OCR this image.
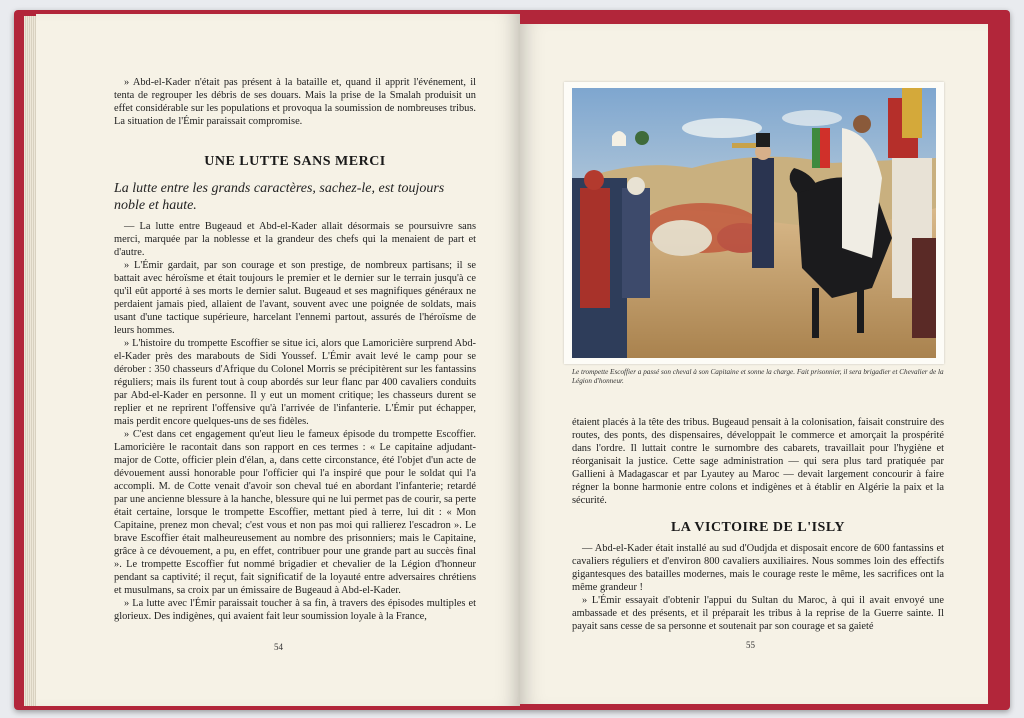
» Abd-el-Kader n'était pas présent à la bataille et, quand il apprit l'événement, il tenta de regrouper les débris de ses douars. Mais la prise de la Smalah produisit un effet considérable sur les populations et provoqua la soumission de nombreuses tribus. La situation de l'Émir paraissait compromise.

UNE LUTTE SANS MERCI

La lutte entre les grands caractères, sachez-le, est toujours noble et haute.

— La lutte entre Bugeaud et Abd-el-Kader allait désormais se poursuivre sans merci, marquée par la noblesse et la grandeur des chefs qui la menaient de part et d'autre.

» L'Émir gardait, par son courage et son prestige, de nombreux partisans; il se battait avec héroïsme et était toujours le premier et le dernier sur le terrain jusqu'à ce qu'il eût apporté à ses morts le dernier salut. Bugeaud et ses magnifiques généraux ne perdaient jamais pied, allaient de l'avant, souvent avec une poignée de soldats, mais usant d'une tactique supérieure, harcelant l'ennemi partout, assurés de l'héroïsme de leurs hommes.

» L'histoire du trompette Escoffier se situe ici, alors que Lamoricière surprend Abd-el-Kader près des marabouts de Sidi Youssef. L'Émir avait levé le camp pour se dérober : 350 chasseurs d'Afrique du Colonel Morris se précipitèrent sur les fantassins réguliers; mais ils furent tout à coup abordés sur leur flanc par 400 cavaliers conduits par Abd-el-Kader en personne. Il y eut un moment critique; les chasseurs durent se replier et ne reprirent l'offensive qu'à l'arrivée de l'infanterie. L'Émir put échapper, mais perdit encore quelques-uns de ses fidèles.

» C'est dans cet engagement qu'eut lieu le fameux épisode du trompette Escoffier. Lamoricière le racontait dans son rapport en ces termes : « Le capitaine adjudant-major de Cotte, officier plein d'élan, a, dans cette circonstance, été l'objet d'un acte de dévouement aussi honorable pour l'officier qui l'a inspiré que pour le soldat qui l'a accompli. M. de Cotte venait d'avoir son cheval tué en abordant l'infanterie; retardé par une ancienne blessure à la hanche, blessure qui ne lui permet pas de courir, sa perte était certaine, lorsque le trompette Escoffier, mettant pied à terre, lui dit : « Mon Capitaine, prenez mon cheval; c'est vous et non pas moi qui rallierez l'escadron ». Le brave Escoffier était malheureusement au nombre des prisonniers; mais le Capitaine, grâce à ce dévouement, a pu, en effet, contribuer pour une grande part au succès final ». Le trompette Escoffier fut nommé brigadier et chevalier de la Légion d'honneur pendant sa captivité; il reçut, fait significatif de la loyauté entre adversaires chrétiens et musulmans, sa croix par un émissaire de Bugeaud à Abd-el-Kader.

» La lutte avec l'Émir paraissait toucher à sa fin, à travers des épisodes multiples et glorieux. Des indigènes, qui avaient fait leur soumission loyale à la France,

54
Le trompette Escoffier a passé son cheval à son Capitaine et sonne la charge. Fait prisonnier, il sera brigadier et Chevalier de la Légion d'honneur.

étaient placés à la tête des tribus. Bugeaud pensait à la colonisation, faisait construire des routes, des ponts, des dispensaires, développait le commerce et amorçait la prospérité dans l'ordre. Il luttait contre le surnombre des cabarets, travaillait pour l'hygiène et réorganisait la justice. Cette sage administration — qui sera plus tard pratiquée par Gallieni à Madagascar et par Lyautey au Maroc — devait largement concourir à faire régner la bonne harmonie entre colons et indigènes et à établir en Algérie la paix et la sécurité.

LA VICTOIRE DE L'ISLY

— Abd-el-Kader était installé au sud d'Oudjda et disposait encore de 600 fantassins et cavaliers réguliers et d'environ 800 cavaliers auxiliaires. Nous sommes loin des effectifs gigantesques des batailles modernes, mais le courage reste le même, les sacrifices ont la même grandeur !

» L'Émir essayait d'obtenir l'appui du Sultan du Maroc, à qui il avait envoyé une ambassade et des présents, et il préparait les tribus à la reprise de la Guerre sainte. Il payait sans cesse de sa personne et soutenait par son courage et sa gaieté

55
